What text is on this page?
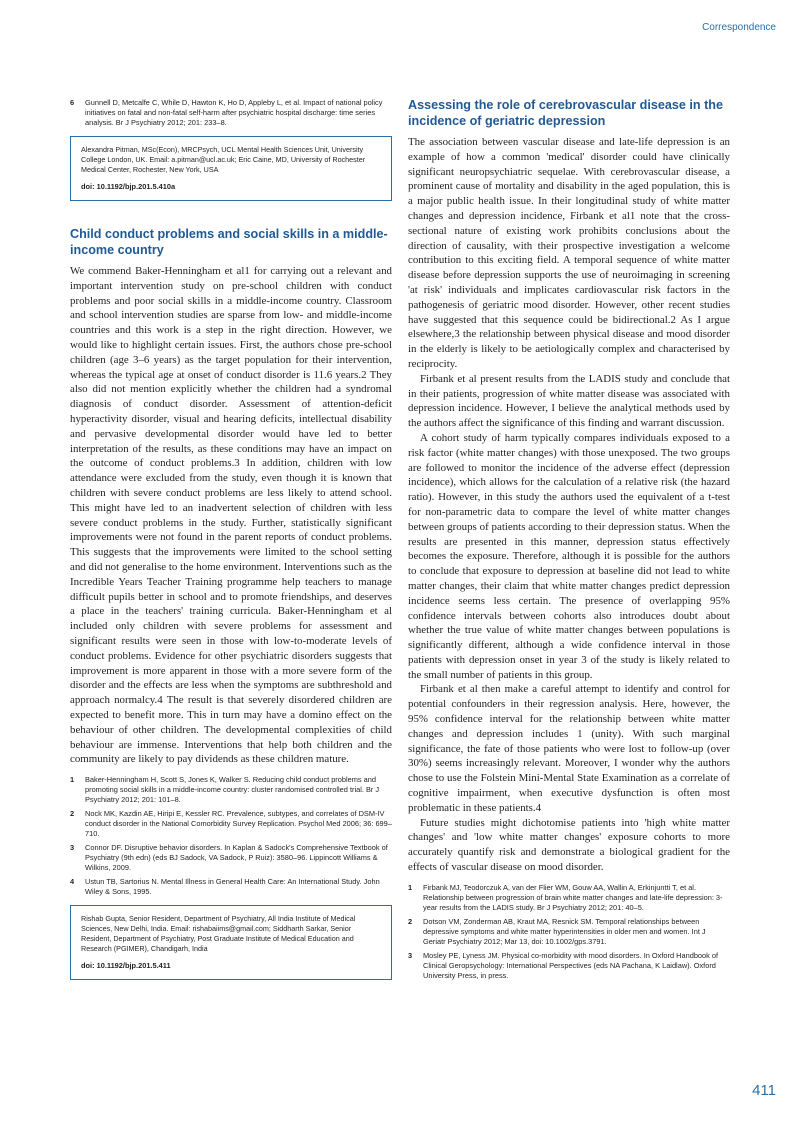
Correspondence
6	Gunnell D, Metcalfe C, While D, Hawton K, Ho D, Appleby L, et al. Impact of national policy initiatives on fatal and non-fatal self-harm after psychiatric hospital discharge: time series analysis. Br J Psychiatry 2012; 201: 233–8.
Alexandra Pitman, MSc(Econ), MRCPsych, UCL Mental Health Sciences Unit, University College London, UK. Email: a.pitman@ucl.ac.uk; Eric Caine, MD, University of Rochester Medical Center, Rochester, New York, USA
doi: 10.1192/bjp.201.5.410a
Child conduct problems and social skills in a middle-income country

We commend Baker-Henningham et al1 for carrying out a relevant and important intervention study on pre-school children with conduct problems and poor social skills in a middle-income country. Classroom and school intervention studies are sparse from low- and middle-income countries and this work is a step in the right direction. However, we would like to highlight certain issues. First, the authors chose pre-school children (age 3–6 years) as the target population for their intervention, whereas the typical age at onset of conduct disorder is 11.6 years.2 They also did not mention explicitly whether the children had a syndromal diagnosis of conduct disorder. Assessment of attention-deficit hyperactivity disorder, visual and hearing deficits, intellectual disability and pervasive developmental disorder would have led to better interpretation of the results, as these conditions may have an impact on the outcome of conduct problems.3 In addition, children with low attendance were excluded from the study, even though it is known that children with severe conduct problems are less likely to attend school. This might have led to an inadvertent selection of children with less severe conduct problems in the study. Further, statistically significant improvements were not found in the parent reports of conduct problems. This suggests that the improvements were limited to the school setting and did not generalise to the home environment. Interventions such as the Incredible Years Teacher Training programme help teachers to manage difficult pupils better in school and to promote friendships, and deserves a place in the teachers' training curricula. Baker-Henningham et al included only children with severe problems for assessment and significant results were seen in those with low-to-moderate levels of conduct problems. Evidence for other psychiatric disorders suggests that improvement is more apparent in those with a more severe form of the disorder and the effects are less when the symptoms are subthreshold and approach normalcy.4 The result is that severely disordered children are expected to benefit more. This in turn may have a domino effect on the behaviour of other children. The developmental complexities of child behaviour are immense. Interventions that help both children and the community are likely to pay dividends as these children mature.

1	Baker-Henningham H, Scott S, Jones K, Walker S. Reducing child conduct problems and promoting social skills in a middle-income country: cluster randomised controlled trial. Br J Psychiatry 2012; 201: 101–8.
2	Nock MK, Kazdin AE, Hiripi E, Kessler RC. Prevalence, subtypes, and correlates of DSM-IV conduct disorder in the National Comorbidity Survey Replication. Psychol Med 2006; 36: 699–710.
3	Connor DF. Disruptive behavior disorders. In Kaplan & Sadock's Comprehensive Textbook of Psychiatry (9th edn) (eds BJ Sadock, VA Sadock, P Ruiz): 3580–96. Lippincott Williams & Wilkins, 2009.
4	Ustun TB, Sartorius N. Mental Illness in General Health Care: An International Study. John Wiley & Sons, 1995.
Rishab Gupta, Senior Resident, Department of Psychiatry, All India Institute of Medical Sciences, New Delhi, India. Email: rishabaiims@gmail.com; Siddharth Sarkar, Senior Resident, Department of Psychiatry, Post Graduate Institute of Medical Education and Research (PGIMER), Chandigarh, India
doi: 10.1192/bjp.201.5.411
Assessing the role of cerebrovascular disease in the incidence of geriatric depression

The association between vascular disease and late-life depression is an example of how a common 'medical' disorder could have clinically significant neuropsychiatric sequelae. With cerebrovascular disease, a prominent cause of mortality and disability in the aged population, this is a major public health issue. In their longitudinal study of white matter changes and depression incidence, Firbank et al1 note that the cross-sectional nature of existing work prohibits conclusions about the direction of causality, with their prospective investigation a welcome contribution to this exciting field. A temporal sequence of white matter disease before depression supports the use of neuroimaging in screening 'at risk' individuals and implicates cardiovascular risk factors in the pathogenesis of geriatric mood disorder. However, other recent studies have suggested that this sequence could be bidirectional.2 As I argue elsewhere,3 the relationship between physical disease and mood disorder in the elderly is likely to be aetiologically complex and characterised by reciprocity.

Firbank et al present results from the LADIS study and conclude that in their patients, progression of white matter disease was associated with depression incidence. However, I believe the analytical methods used by the authors affect the significance of this finding and warrant discussion.

A cohort study of harm typically compares individuals exposed to a risk factor (white matter changes) with those unexposed. The two groups are followed to monitor the incidence of the adverse effect (depression incidence), which allows for the calculation of a relative risk (the hazard ratio). However, in this study the authors used the equivalent of a t-test for non-parametric data to compare the level of white matter changes between groups of patients according to their depression status. When the results are presented in this manner, depression status effectively becomes the exposure. Therefore, although it is possible for the authors to conclude that exposure to depression at baseline did not lead to white matter changes, their claim that white matter changes predict depression incidence seems less certain. The presence of overlapping 95% confidence intervals between cohorts also introduces doubt about whether the true value of white matter changes between populations is significantly different, although a wide confidence interval in those patients with depression onset in year 3 of the study is likely related to the small number of patients in this group.

Firbank et al then make a careful attempt to identify and control for potential confounders in their regression analysis. Here, however, the 95% confidence interval for the relationship between white matter changes and depression includes 1 (unity). With such marginal significance, the fate of those patients who were lost to follow-up (over 30%) seems increasingly relevant. Moreover, I wonder why the authors chose to use the Folstein Mini-Mental State Examination as a correlate of cognitive impairment, when executive dysfunction is often most problematic in these patients.4

Future studies might dichotomise patients into 'high white matter changes' and 'low white matter changes' exposure cohorts to more accurately quantify risk and demonstrate a biological gradient for the effects of vascular disease on mood disorder.

1	Firbank MJ, Teodorczuk A, van der Flier WM, Gouw AA, Wallin A, Erkinjuntti T, et al. Relationship between progression of brain white matter changes and late-life depression: 3-year results from the LADIS study. Br J Psychiatry 2012; 201: 40–5.
2	Dotson VM, Zonderman AB, Kraut MA, Resnick SM. Temporal relationships between depressive symptoms and white matter hyperintensities in older men and women. Int J Geriatr Psychiatry 2012; Mar 13, doi: 10.1002/gps.3791.
3	Mosley PE, Lyness JM. Physical co-morbidity with mood disorders. In Oxford Handbook of Clinical Geropsychology: International Perspectives (eds NA Pachana, K Laidlaw). Oxford University Press, in press.
411
